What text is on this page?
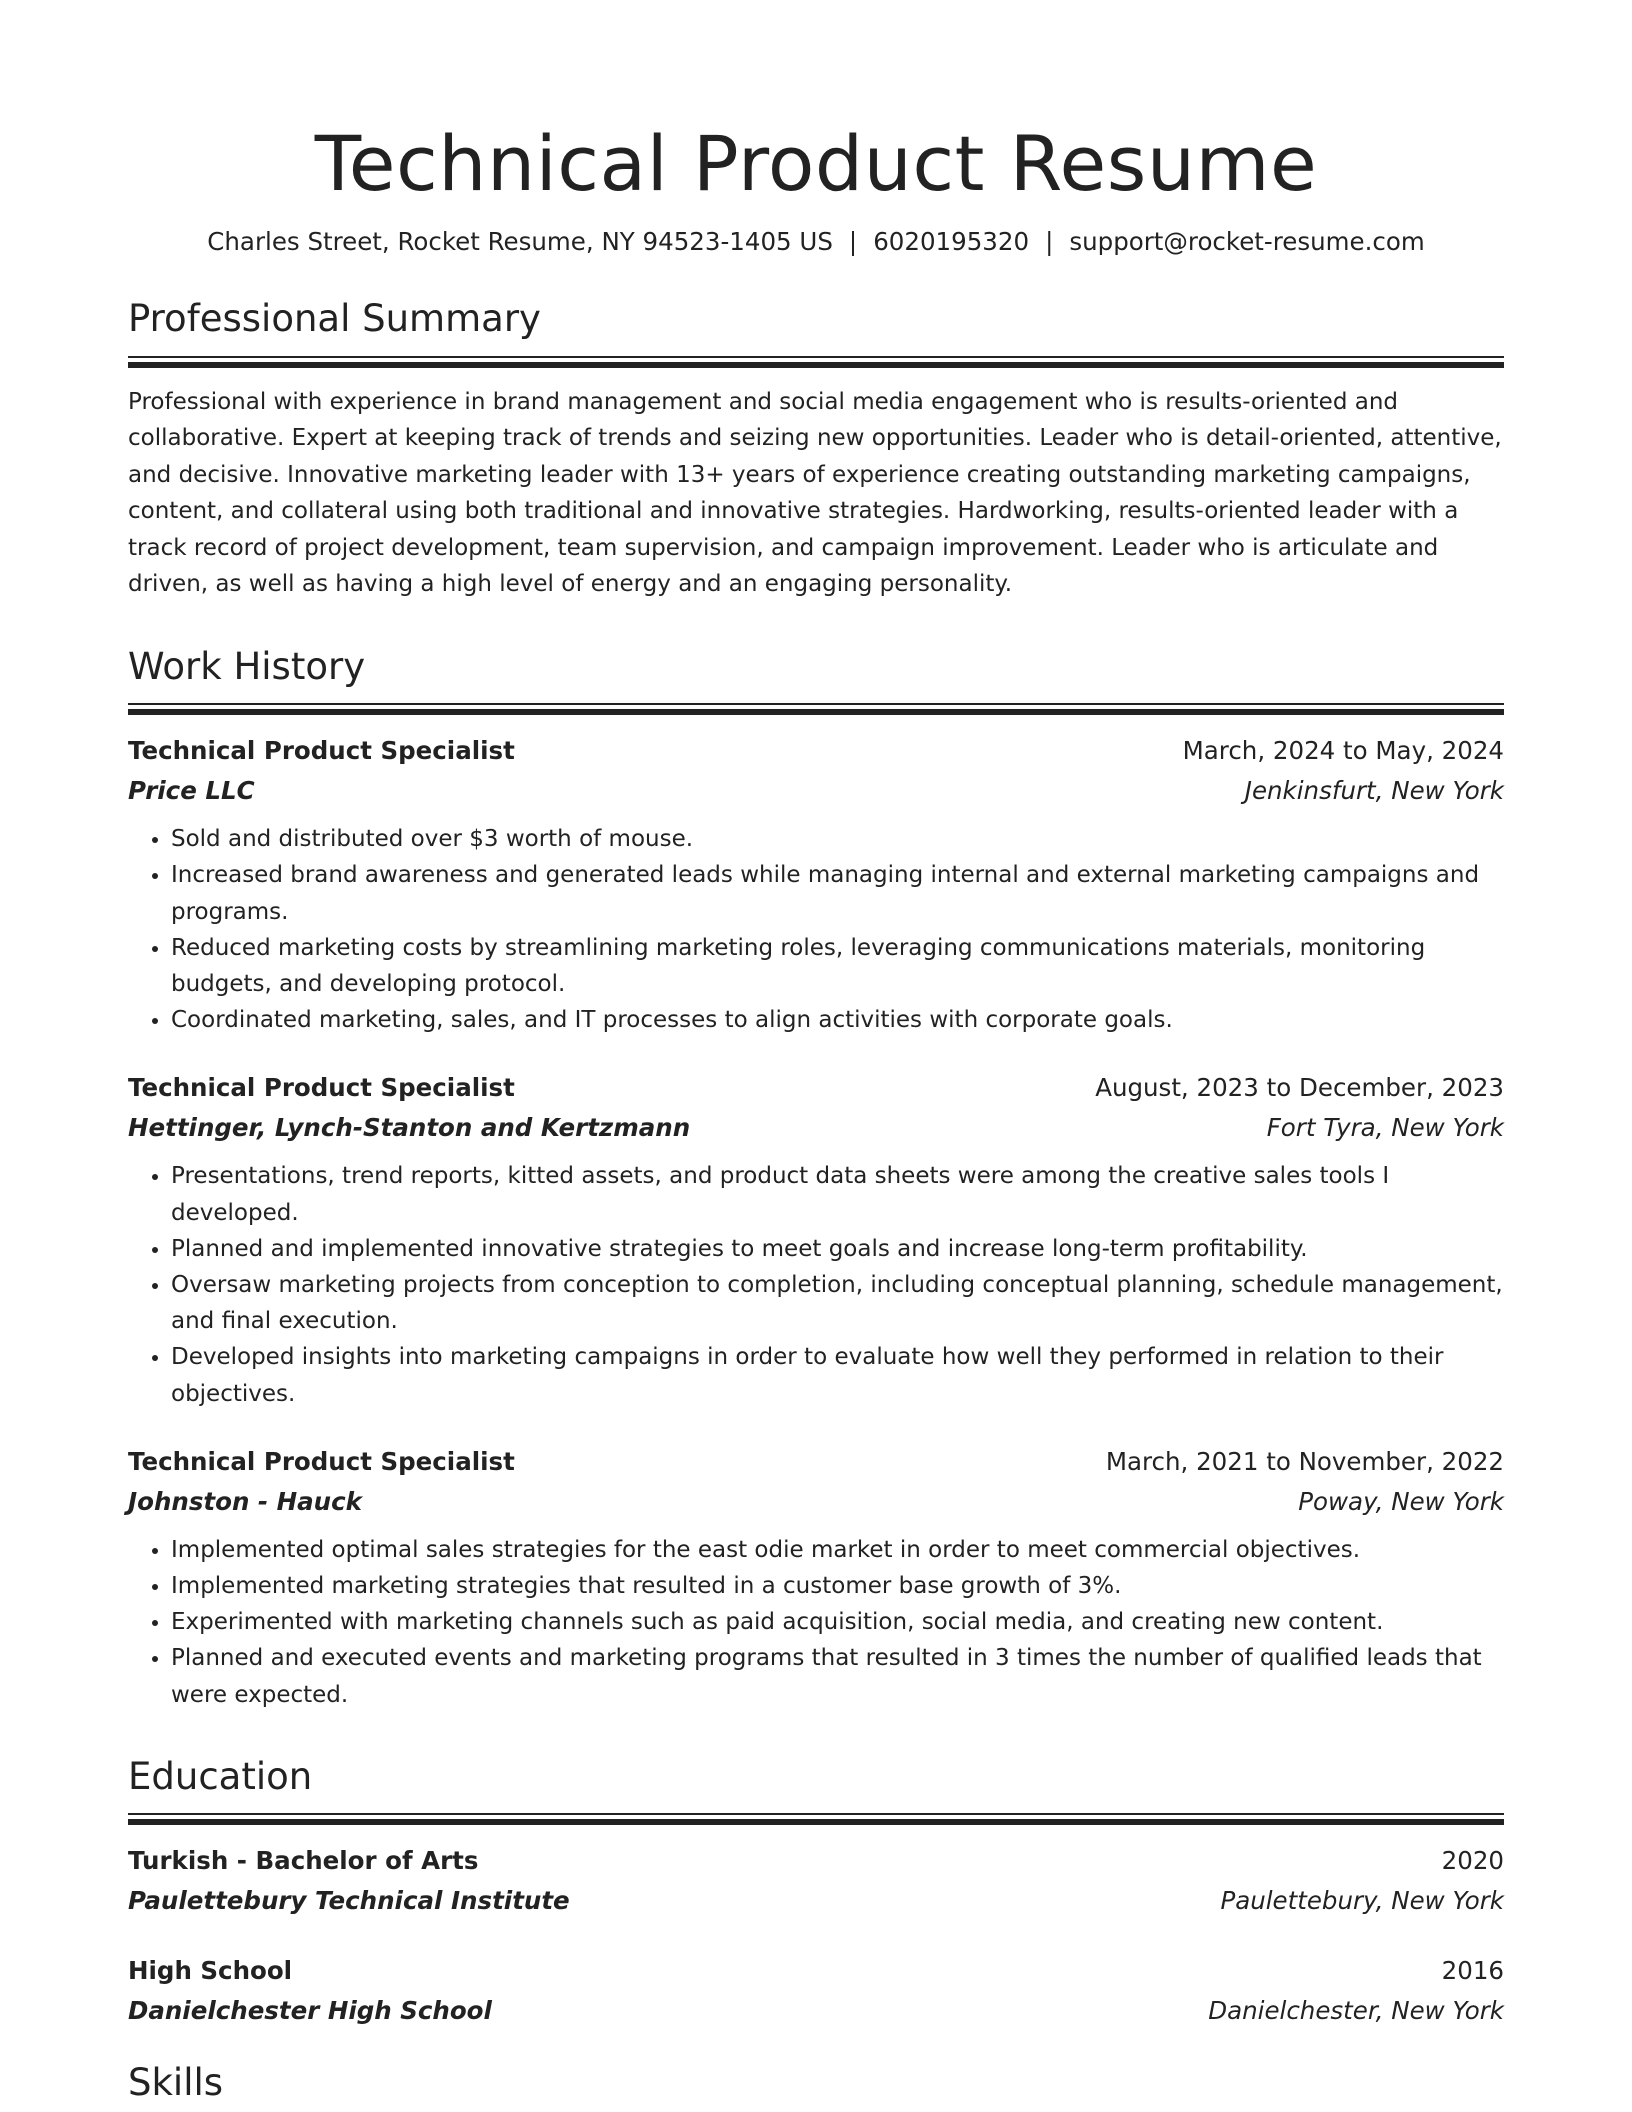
Technical Product Resume
Charles Street, Rocket Resume, NY 94523-1405 US | 6020195320 | support@rocket-resume.com
Professional Summary

Professional with experience in brand management and social media engagement who is results-oriented and collaborative. Expert at keeping track of trends and seizing new opportunities. Leader who is detail-oriented, attentive, and decisive. Innovative marketing leader with 13+ years of experience creating outstanding marketing campaigns, content, and collateral using both traditional and innovative strategies. Hardworking, results-oriented leader with a track record of project development, team supervision, and campaign improvement. Leader who is articulate and driven, as well as having a high level of energy and an engaging personality.

Work History
Technical Product Specialist	March, 2024 to May, 2024
Price LLC	Jenkinsfurt, New York
• Sold and distributed over $3 worth of mouse.
• Increased brand awareness and generated leads while managing internal and external marketing campaigns and programs.
• Reduced marketing costs by streamlining marketing roles, leveraging communications materials, monitoring budgets, and developing protocol.
• Coordinated marketing, sales, and IT processes to align activities with corporate goals.
Technical Product Specialist	August, 2023 to December, 2023
Hettinger, Lynch-Stanton and Kertzmann	Fort Tyra, New York
• Presentations, trend reports, kitted assets, and product data sheets were among the creative sales tools I developed.
• Planned and implemented innovative strategies to meet goals and increase long-term profitability.
• Oversaw marketing projects from conception to completion, including conceptual planning, schedule management, and final execution.
• Developed insights into marketing campaigns in order to evaluate how well they performed in relation to their objectives.
Technical Product Specialist	March, 2021 to November, 2022
Johnston - Hauck	Poway, New York
• Implemented optimal sales strategies for the east odie market in order to meet commercial objectives.
• Implemented marketing strategies that resulted in a customer base growth of 3%.
• Experimented with marketing channels such as paid acquisition, social media, and creating new content.
• Planned and executed events and marketing programs that resulted in 3 times the number of qualified leads that were expected.
Education
Turkish - Bachelor of Arts	2020
Paulettebury Technical Institute	Paulettebury, New York
High School	2016
Danielchester High School	Danielchester, New York
Skills
